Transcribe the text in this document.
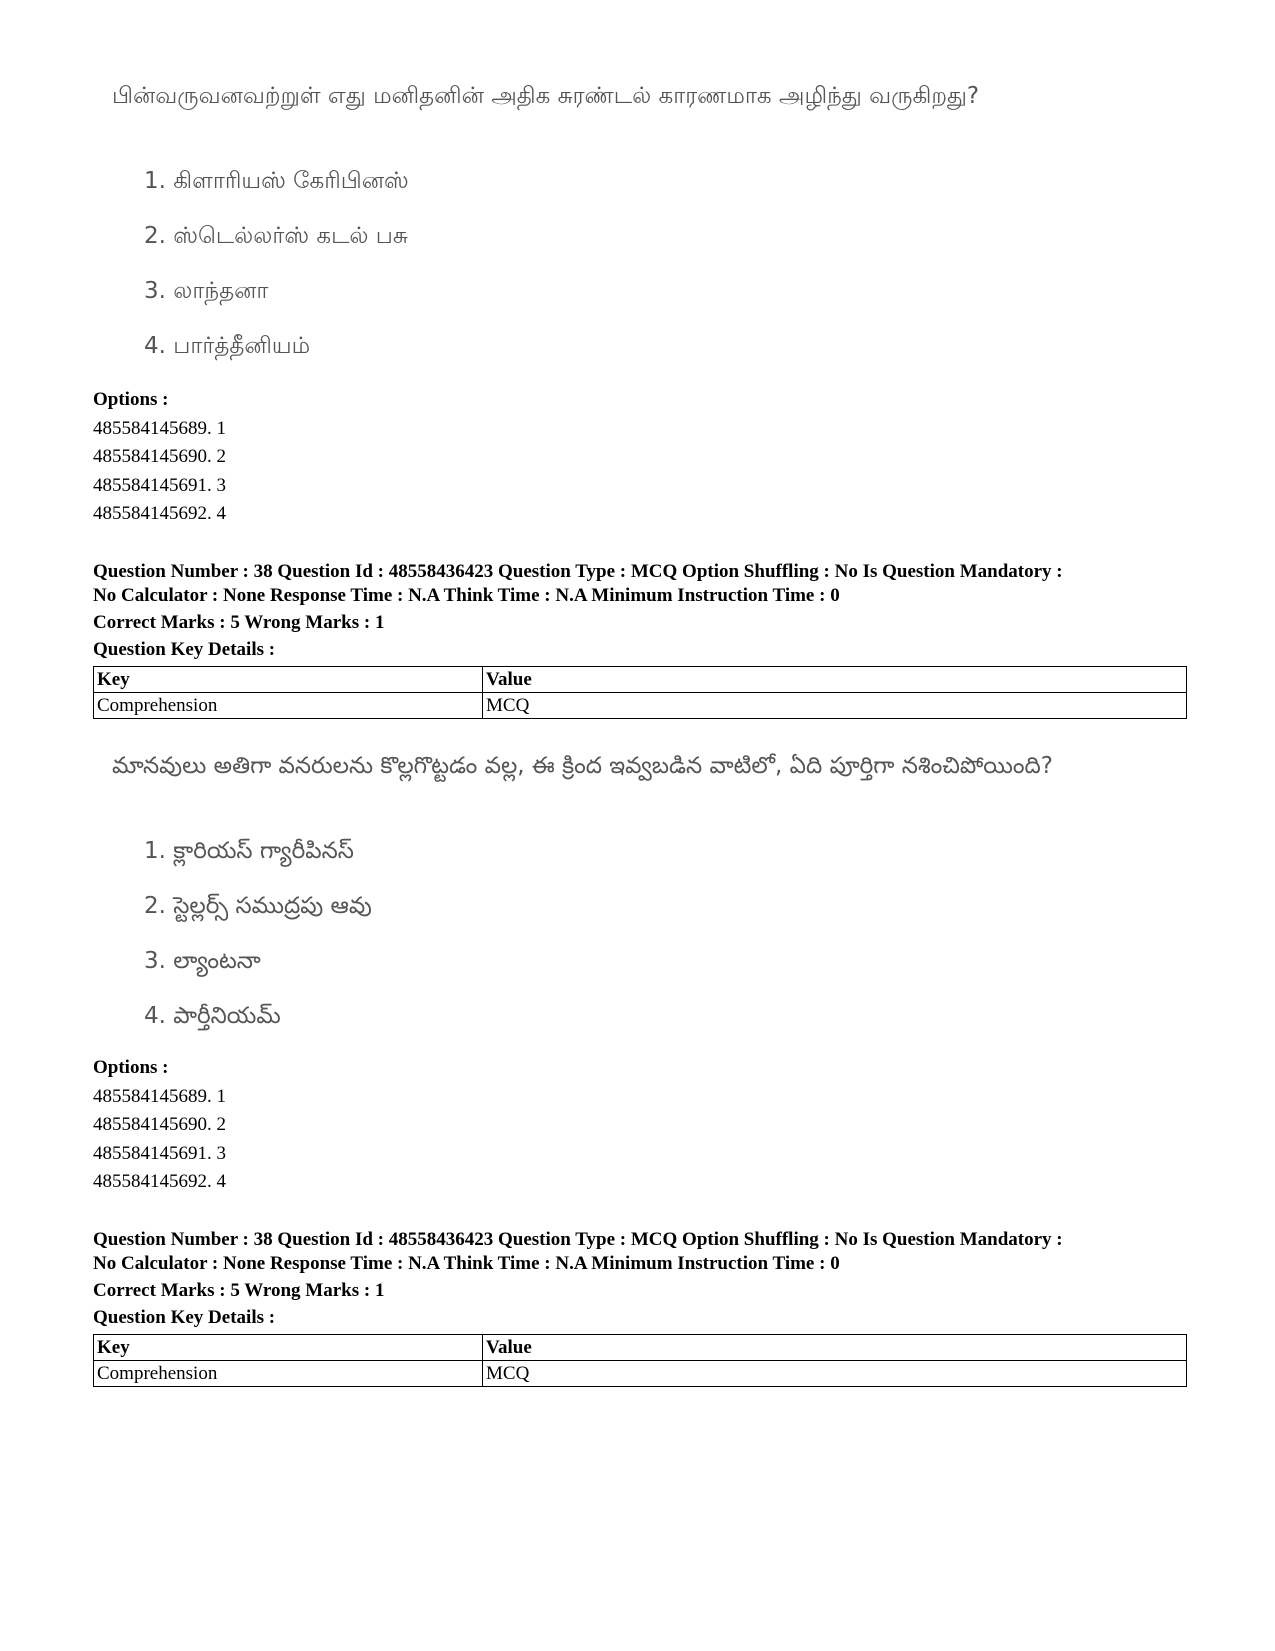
பின்வருவனவற்றுள் எது மனிதனின் அதிக சுரண்டல் காரணமாக அழிந்து வருகிறது?

1. கிளாரியஸ் கேரிபினஸ்

2. ஸ்டெல்லர்ஸ் கடல் பசு

3. லாந்தனா

4. பார்த்தீனியம்

Options :

485584145689. 1

485584145690. 2

485584145691. 3

485584145692. 4

Question Number : 38 Question Id : 48558436423 Question Type : MCQ Option Shuffling : No Is Question Mandatory :
No Calculator : None Response Time : N.A Think Time : N.A Minimum Instruction Time : 0
Correct Marks : 5 Wrong Marks : 1
Question Key Details :
Key	Value
Comprehension	MCQ

మానవులు అతిగా వనరులను కొల్లగొట్టడం వల్ల, ఈ క్రింద ఇవ్వబడిన వాటిలో, ఏది పూర్తిగా నశించిపోయింది?

1. క్లారియస్ గ్యారీపినస్

2. స్టెల్లర్స్ సముద్రపు ఆవు

3. ల్యాంటనా

4. పార్తీనియమ్

Options :

485584145689. 1

485584145690. 2

485584145691. 3

485584145692. 4

Question Number : 38 Question Id : 48558436423 Question Type : MCQ Option Shuffling : No Is Question Mandatory :
No Calculator : None Response Time : N.A Think Time : N.A Minimum Instruction Time : 0
Correct Marks : 5 Wrong Marks : 1
Question Key Details :
Key	Value
Comprehension	MCQ
